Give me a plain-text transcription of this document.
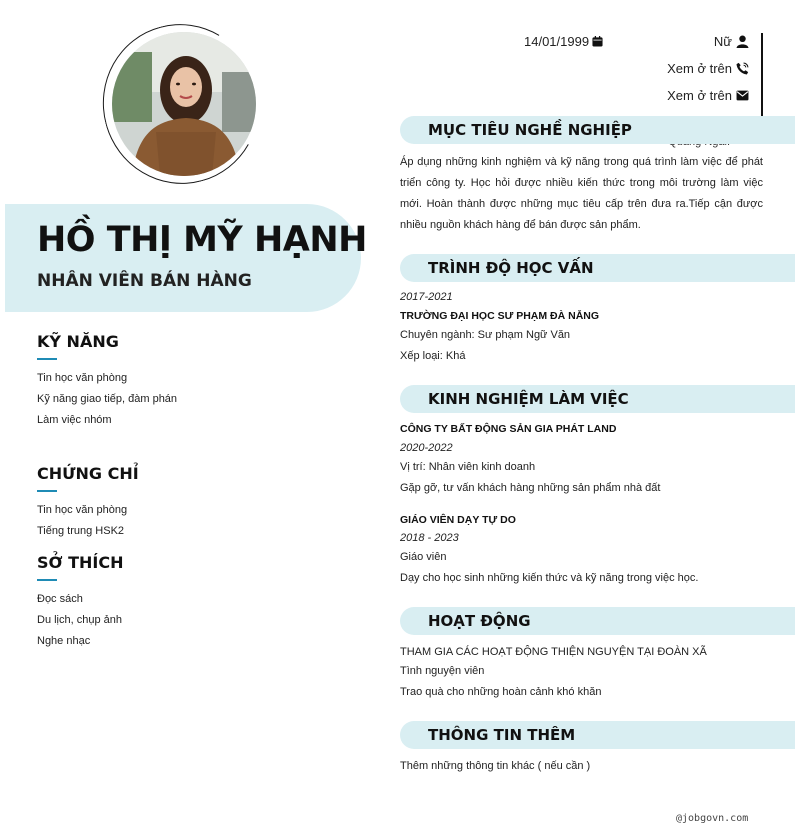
HỒ THỊ MỸ HẠNH
NHÂN VIÊN BÁN HÀNG
KỸ NĂNG
Tin học văn phòng
Kỹ năng giao tiếp, đàm phán
Làm việc nhóm
CHỨNG CHỈ
Tin học văn phòng
Tiếng trung HSK2
SỞ THÍCH
Đọc sách
Du lịch, chụp ảnh
Nghe nhạc
14/01/1999	Nữ
Xem ở trên
Xem ở trên
MỤC TIÊU NGHỀ NGHIỆP
Áp dụng những kinh nghiệm và kỹ năng trong quá trình làm việc để phát triển công ty. Học hỏi được nhiều kiến thức trong môi trường làm việc mới. Hoàn thành được những mục tiêu cấp trên đưa ra.Tiếp cận được nhiều nguồn khách hàng để bán được sản phẩm.
TRÌNH ĐỘ HỌC VẤN
2017-2021
TRƯỜNG ĐẠI HỌC SƯ PHẠM ĐÀ NẴNG
Chuyên ngành: Sư phạm Ngữ Văn
Xếp loại: Khá
KINH NGHIỆM LÀM VIỆC
CÔNG TY BẤT ĐỘNG SẢN GIA PHÁT LAND
2020-2022
Vị trí: Nhân viên kinh doanh
Gặp gỡ, tư vấn khách hàng những sản phẩm nhà đất
GIÁO VIÊN DẠY TỰ DO
2018 - 2023
Giáo viên
Dạy cho học sinh những kiến thức và kỹ năng trong việc học.
HOẠT ĐỘNG
THAM GIA CÁC HOẠT ĐỘNG THIỆN NGUYỆN TẠI ĐOÀN XÃ
Tình nguyện viên
Trao quà cho những hoàn cảnh khó khăn
THÔNG TIN THÊM
Thêm những thông tin khác ( nếu cần )
@jobgovn.com
